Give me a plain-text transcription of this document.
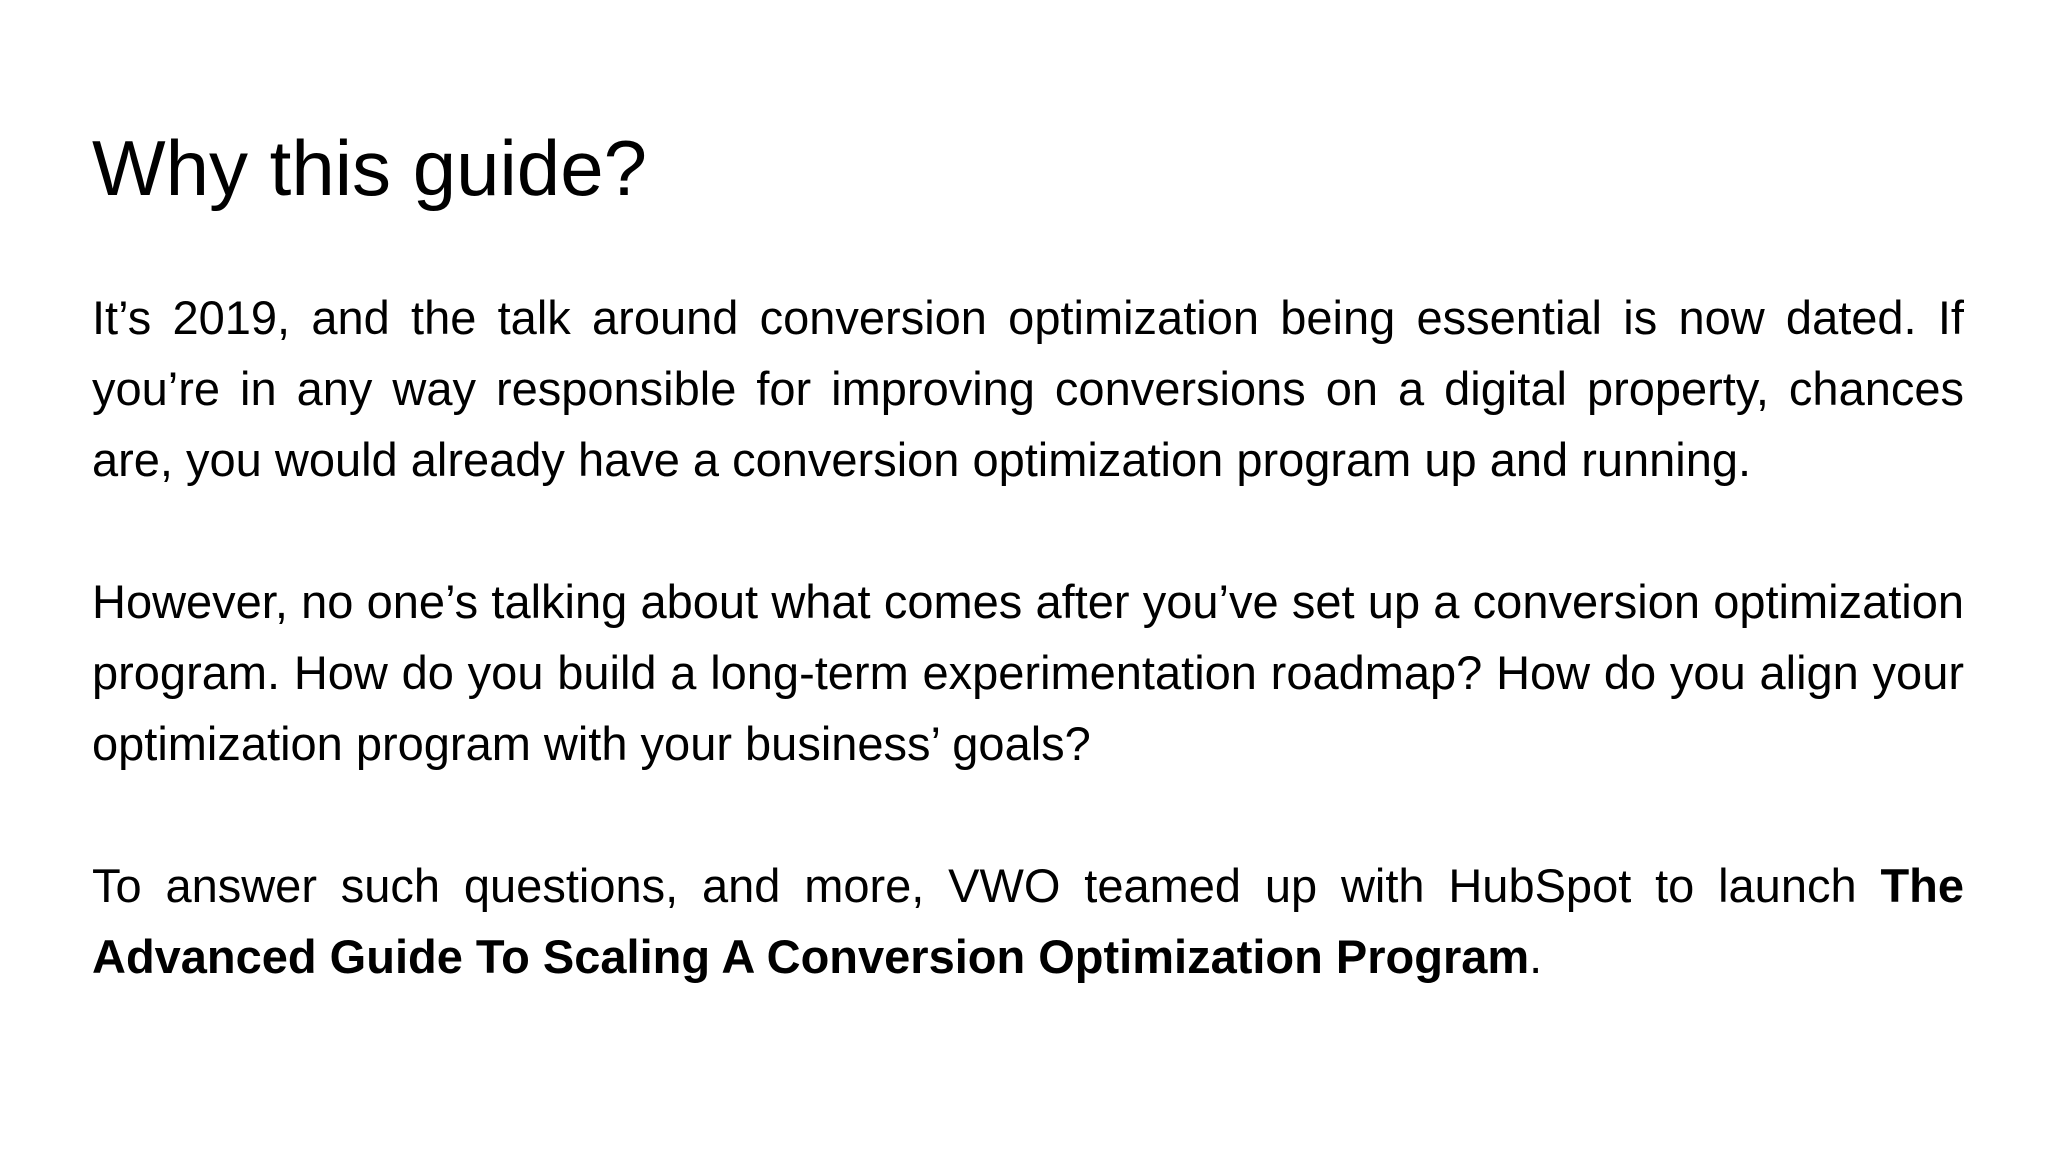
Why this guide?

It’s 2019, and the talk around conversion optimization being essential is now dated. If you’re in any way responsible for improving conversions on a digital property, chances are, you would already have a conversion optimization program up and running.

However, no one’s talking about what comes after you’ve set up a conversion optimization program. How do you build a long-term experimentation roadmap? How do you align your optimization program with your business’ goals?

To answer such questions, and more, VWO teamed up with HubSpot to launch The Advanced Guide To Scaling A Conversion Optimization Program.
